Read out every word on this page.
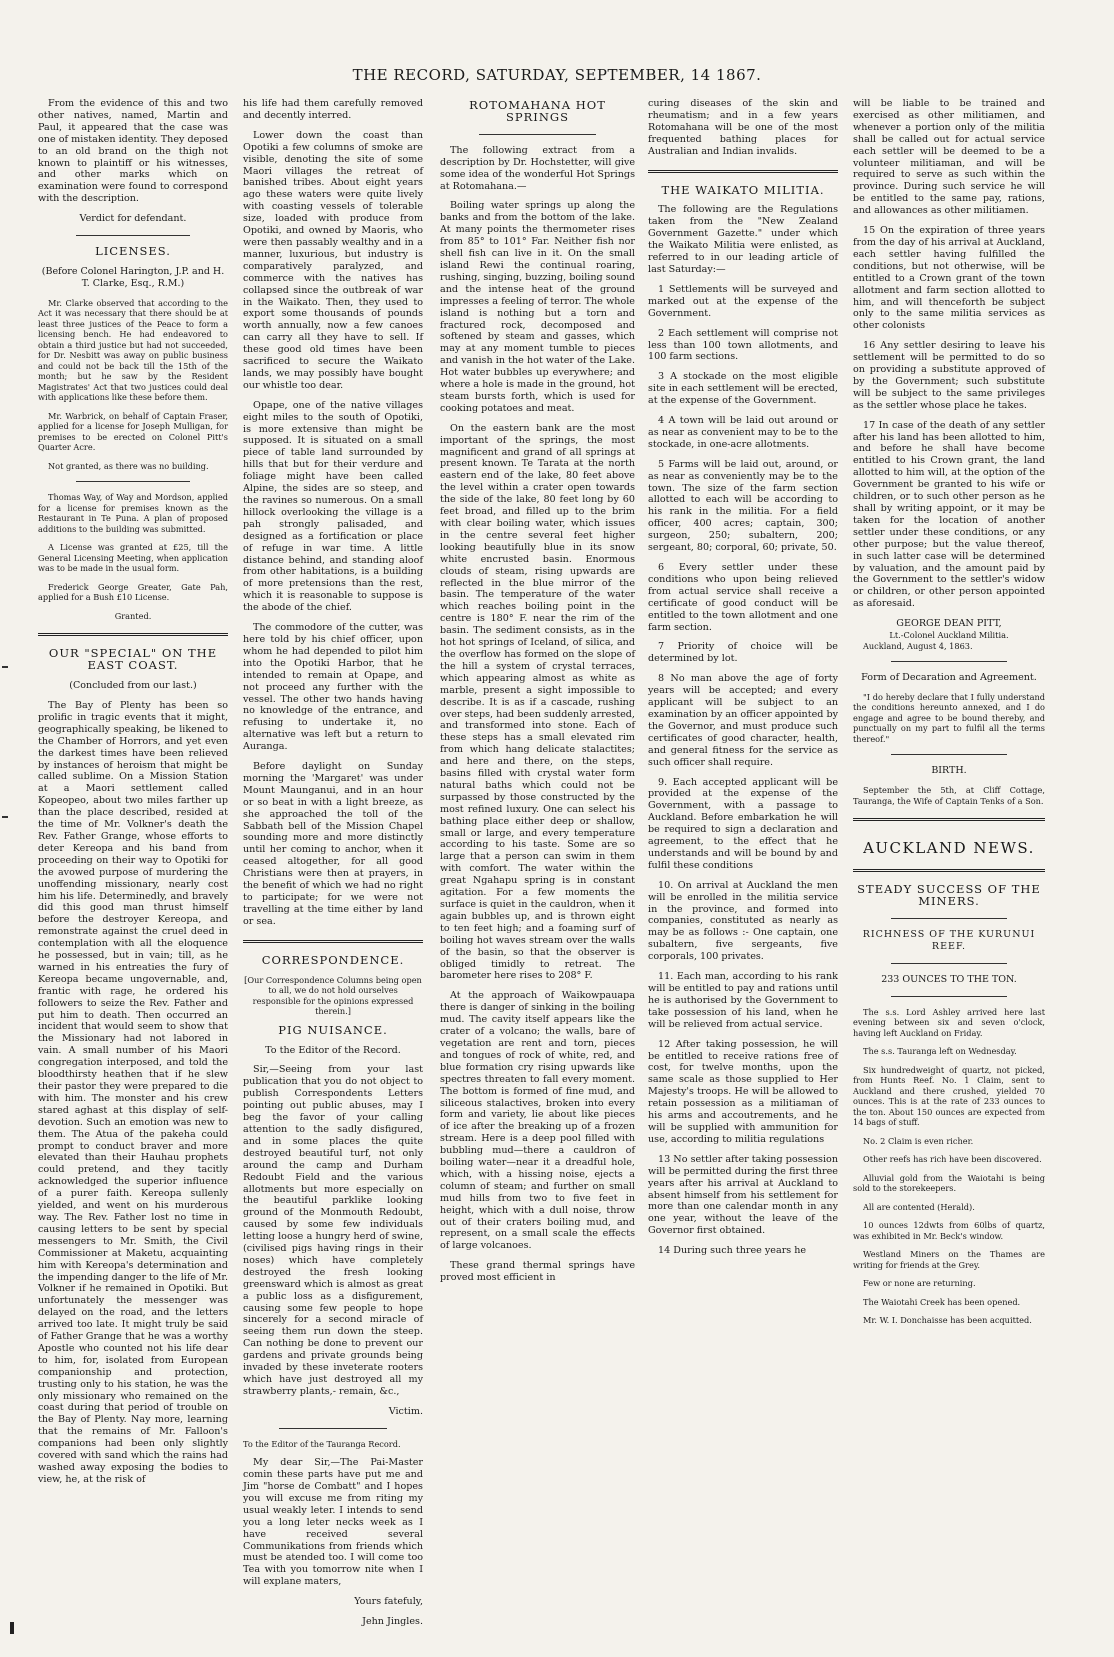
THE RECORD, SATURDAY, SEPTEMBER, 14 1867.

From the evidence of this and two other natives, named, Martin and Paul, it appeared that the case was one of mistaken identity. They deposed to an old brand on the thigh not known to plaintiff or his witnesses, and other marks which on examination were found to correspond with the description.

Verdict for defendant.

LICENSES.

(Before Colonel Harington, J.P. and H. T. Clarke, Esq., R.M.)

Mr. Clarke observed that according to the Act it was necessary that there should be at least three justices of the Peace to form a licensing bench. He had endeavored to obtain a third justice but had not succeeded, for Dr. Nesbitt was away on public business and could not be back till the 15th of the month; but he saw by the Resident Magistrates' Act that two justices could deal with applications like these before them.

Mr. Warbrick, on behalf of Captain Fraser, applied for a license for Joseph Mulligan, for premises to be erected on Colonel Pitt's Quarter Acre.

Not granted, as there was no building.

Thomas Way, of Way and Mordson, applied for a license for premises known as the Restaurant in Te Puna. A plan of proposed additions to the building was submitted.

A License was granted at £25, till the General Licensing Meeting, when application was to be made in the usual form.

Frederick George Greater, Gate Pah, applied for a Bush £10 License.

Granted.

OUR "SPECIAL" ON THE EAST COAST.

(Concluded from our last.)

The Bay of Plenty has been so prolific in tragic events that it might, geographically speaking, be likened to the Chamber of Horrors, and yet even the darkest times have been relieved by instances of heroism that might be called sublime. On a Mission Station at a Maori settlement called Kopeopeo, about two miles farther up than the place described, resided at the time of Mr. Volkner's death the Rev. Father Grange, whose efforts to deter Kereopa and his band from proceeding on their way to Opotiki for the avowed purpose of murdering the unoffending missionary, nearly cost him his life. Determinedly, and bravely did this good man thrust himself before the destroyer Kereopa, and remonstrate against the cruel deed in contemplation with all the eloquence he possessed, but in vain; till, as he warned in his entreaties the fury of Kereopa became ungovernable, and, frantic with rage, he ordered his followers to seize the Rev. Father and put him to death. Then occurred an incident that would seem to show that the Missionary had not labored in vain. A small number of his Maori congregation interposed, and told the bloodthirsty heathen that if he slew their pastor they were prepared to die with him. The monster and his crew stared aghast at this display of self-devotion. Such an emotion was new to them. The Atua of the pakeha could prompt to conduct braver and more elevated than their Hauhau prophets could pretend, and they tacitly acknowledged the superior influence of a purer faith. Kereopa sullenly yielded, and went on his murderous way. The Rev. Father lost no time in causing letters to be sent by special messengers to Mr. Smith, the Civil Commissioner at Maketu, acquainting him with Kereopa's determination and the impending danger to the life of Mr. Volkner if he remained in Opotiki. But unfortunately the messenger was delayed on the road, and the letters arrived too late. It might truly be said of Father Grange that he was a worthy Apostle who counted not his life dear to him, for, isolated from European companionship and protection, trusting only to his station, he was the only missionary who remained on the coast during that period of trouble on the Bay of Plenty. Nay more, learning that the remains of Mr. Falloon's companions had been only slightly covered with sand which the rains had washed away exposing the bodies to view, he, at the risk of

his life had them carefully removed and decently interred.

Lower down the coast than Opotiki a few columns of smoke are visible, denoting the site of some Maori villages the retreat of banished tribes. About eight years ago these waters were quite lively with coasting vessels of tolerable size, loaded with produce from Opotiki, and owned by Maoris, who were then passably wealthy and in a manner, luxurious, but industry is comparatively paralyzed, and commerce with the natives has collapsed since the outbreak of war in the Waikato. Then, they used to export some thousands of pounds worth annually, now a few canoes can carry all they have to sell. If these good old times have been sacrificed to secure the Waikato lands, we may possibly have bought our whistle too dear.

Opape, one of the native villages eight miles to the south of Opotiki, is more extensive than might be supposed. It is situated on a small piece of table land surrounded by hills that but for their verdure and foliage might have been called Alpine, the sides are so steep, and the ravines so numerous. On a small hillock overlooking the village is a pah strongly palisaded, and designed as a fortification or place of refuge in war time. A little distance behind, and standing aloof from other habitations, is a building of more pretensions than the rest, which it is reasonable to suppose is the abode of the chief.

The commodore of the cutter, was here told by his chief officer, upon whom he had depended to pilot him into the Opotiki Harbor, that he intended to remain at Opape, and not proceed any further with the vessel. The other two hands having no knowledge of the entrance, and refusing to undertake it, no alternative was left but a return to Auranga.

Before daylight on Sunday morning the 'Margaret' was under Mount Maunganui, and in an hour or so beat in with a light breeze, as she approached the toll of the Sabbath bell of the Mission Chapel sounding more and more distinctly until her coming to anchor, when it ceased altogether, for all good Christians were then at prayers, in the benefit of which we had no right to participate; for we were not travelling at the time either by land or sea.

CORRESPONDENCE.

[Our Correspondence Columns being open to all, we do not hold ourselves responsible for the opinions expressed therein.]

PIG NUISANCE.

To the Editor of the Record.

Sir,—Seeing from your last publication that you do not object to publish Correspondents Letters pointing out public abuses, may I beg the favor of your calling attention to the sadly disfigured, and in some places the quite destroyed beautiful turf, not only around the camp and Durham Redoubt Field and the various allotments but more especially on the beautiful parklike looking ground of the Monmouth Redoubt, caused by some few individuals letting loose a hungry herd of swine, (civilised pigs having rings in their noses) which have completely destroyed the fresh looking greensward which is almost as great a public loss as a disfigurement, causing some few people to hope sincerely for a second miracle of seeing them run down the steep. Can nothing be done to prevent our gardens and private grounds being invaded by these inveterate rooters which have just destroyed all my strawberry plants,- remain, &c.,

Victim.

To the Editor of the Tauranga Record.

My dear Sir,—The Pai-Master comin these parts have put me and Jim "horse de Combatt" and I hopes you will excuse me from riting my usual weakly leter. I intends to send you a long leter necks week as I have received several Communikations from friends which must be atended too. I will come too Tea with you tomorrow nite when I will explane maters,

Yours fatefuly,

Jehn Jingles.

ROTOMAHANA HOT SPRINGS

The following extract from a description by Dr. Hochstetter, will give some idea of the wonderful Hot Springs at Rotomahana.—

Boiling water springs up along the banks and from the bottom of the lake. At many points the thermometer rises from 85° to 101° Far. Neither fish nor shell fish can live in it. On the small island Rewi the continual roaring, rushing, singing, buzzing, boiling sound and the intense heat of the ground impresses a feeling of terror. The whole island is nothing but a torn and fractured rock, decomposed and softened by steam and gasses, which may at any moment tumble to pieces and vanish in the hot water of the Lake. Hot water bubbles up everywhere; and where a hole is made in the ground, hot steam bursts forth, which is used for cooking potatoes and meat.

On the eastern bank are the most important of the springs, the most magnificent and grand of all springs at present known. Te Tarata at the north eastern end of the lake, 80 feet above the level within a crater open towards the side of the lake, 80 feet long by 60 feet broad, and filled up to the brim with clear boiling water, which issues in the centre several feet higher looking beautifully blue in its snow white encrusted basin. Enormous clouds of steam, rising upwards are reflected in the blue mirror of the basin. The temperature of the water which reaches boiling point in the centre is 180° F. near the rim of the basin. The sediment consists, as in the hot hot springs of Iceland, of silica, and the overflow has formed on the slope of the hill a system of crystal terraces, which appearing almost as white as marble, present a sight impossible to describe. It is as if a cascade, rushing over steps, had been suddenly arrested, and transformed into stone. Each of these steps has a small elevated rim from which hang delicate stalactites; and here and there, on the steps, basins filled with crystal water form natural baths which could not be surpassed by those constructed by the most refined luxury. One can select his bathing place either deep or shallow, small or large, and every temperature according to his taste. Some are so large that a person can swim in them with comfort. The water within the great Ngahapu spring is in constant agitation. For a few moments the surface is quiet in the cauldron, when it again bubbles up, and is thrown eight to ten feet high; and a foaming surf of boiling hot waves stream over the walls of the basin, so that the observer is obliged timidly to retreat. The barometer here rises to 208° F.

At the approach of Waikowpauapa there is danger of sinking in the boiling mud. The cavity itself appears like the crater of a volcano; the walls, bare of vegetation are rent and torn, pieces and tongues of rock of white, red, and blue formation cry rising upwards like spectres threaten to fall every moment. The bottom is formed of fine mud, and siliceous stalactives, broken into every form and variety, lie about like pieces of ice after the breaking up of a frozen stream. Here is a deep pool filled with bubbling mud—there a cauldron of boiling water—near it a dreadful hole, which, with a hissing noise, ejects a column of steam; and further on small mud hills from two to five feet in height, which with a dull noise, throw out of their craters boiling mud, and represent, on a small scale the effects of large volcanoes.

These grand thermal springs have proved most efficient in

curing diseases of the skin and rheumatism; and in a few years Rotomahana will be one of the most frequented bathing places for Australian and Indian invalids.

THE WAIKATO MILITIA.

The following are the Regulations taken from the "New Zealand Government Gazette." under which the Waikato Militia were enlisted, as referred to in our leading article of last Saturday:—

1 Settlements will be surveyed and marked out at the expense of the Government.

2 Each settlement will comprise not less than 100 town allotments, and 100 farm sections.

3 A stockade on the most eligible site in each settlement will be erected, at the expense of the Government.

4 A town will be laid out around or as near as convenient may to be to the stockade, in one-acre allotments.

5 Farms will be laid out, around, or as near as conveniently may be to the town. The size of the farm section allotted to each will be according to his rank in the militia. For a field officer, 400 acres; captain, 300; surgeon, 250; subaltern, 200; sergeant, 80; corporal, 60; private, 50.

6 Every settler under these conditions who upon being relieved from actual service shall receive a certificate of good conduct will be entitled to the town allotment and one farm section.

7 Priority of choice will be determined by lot.

8 No man above the age of forty years will be accepted; and every applicant will be subject to an examination by an officer appointed by the Governor, and must produce such certificates of good character, health, and general fitness for the service as such officer shall require.

9. Each accepted applicant will be provided at the expense of the Government, with a passage to Auckland. Before embarkation he will be required to sign a declaration and agreement, to the effect that he understands and will be bound by and fulfil these conditions

10. On arrival at Auckland the men will be enrolled in the militia service in the province, and formed into companies, constituted as nearly as may be as follows :- One captain, one subaltern, five sergeants, five corporals, 100 privates.

11. Each man, according to his rank will be entitled to pay and rations until he is authorised by the Government to take possession of his land, when he will be relieved from actual service.

12 After taking possession, he will be entitled to receive rations free of cost, for twelve months, upon the same scale as those supplied to Her Majesty's troops. He will be allowed to retain possession as a militiaman of his arms and accoutrements, and he will be supplied with ammunition for use, according to militia regulations

13 No settler after taking possession will be permitted during the first three years after his arrival at Auckland to absent himself from his settlement for more than one calendar month in any one year, without the leave of the Governor first obtained.

14 During such three years he

will be liable to be trained and exercised as other militiamen, and whenever a portion only of the militia shall be called out for actual service each settler will be deemed to be a volunteer militiaman, and will be required to serve as such within the province. During such service he will be entitled to the same pay, rations, and allowances as other militiamen.

15 On the expiration of three years from the day of his arrival at Auckland, each settler having fulfilled the conditions, but not otherwise, will be entitled to a Crown grant of the town allotment and farm section allotted to him, and will thenceforth be subject only to the same militia services as other colonists

16 Any settler desiring to leave his settlement will be permitted to do so on providing a substitute approved of by the Government; such substitute will be subject to the same privileges as the settler whose place he takes.

17 In case of the death of any settler after his land has been allotted to him, and before he shall have become entitled to his Crown grant, the land allotted to him will, at the option of the Government be granted to his wife or children, or to such other person as he shall by writing appoint, or it may be taken for the location of another settler under these conditions, or any other purpose; but the value thereof, in such latter case will be determined by valuation, and the amount paid by the Government to the settler's widow or children, or other person appointed as aforesaid.

GEORGE DEAN PITT,

Lt.-Colonel Auckland Militia.

Auckland, August 4, 1863.

Form of Decaration and Agreement.

"I do hereby declare that I fully understand the conditions hereunto annexed, and I do engage and agree to be bound thereby, and punctually on my part to fulfil all the terms thereof."

BIRTH.

September the 5th, at Cliff Cottage, Tauranga, the Wife of Captain Tenks of a Son.

AUCKLAND NEWS.

STEADY SUCCESS OF THE MINERS.

RICHNESS OF THE KURUNUI REEF.

233 OUNCES TO THE TON.

The s.s. Lord Ashley arrived here last evening between six and seven o'clock, having left Auckland on Friday.

The s.s. Tauranga left on Wednesday.

Six hundredweight of quartz, not picked, from Hunts Reef. No. 1 Claim, sent to Auckland and there crushed, yielded 70 ounces. This is at the rate of 233 ounces to the ton. About 150 ounces are expected from 14 bags of stuff.

No. 2 Claim is even richer.

Other reefs has rich have been discovered.

Alluvial gold from the Waiotahi is being sold to the storekeepers.

All are contented (Herald).

10 ounces 12dwts from 60lbs of quartz, was exhibited in Mr. Beck's window.

Westland Miners on the Thames are writing for friends at the Grey.

Few or none are returning.

The Waiotahi Creek has been opened.

Mr. W. I. Donchaisse has been acquitted.
